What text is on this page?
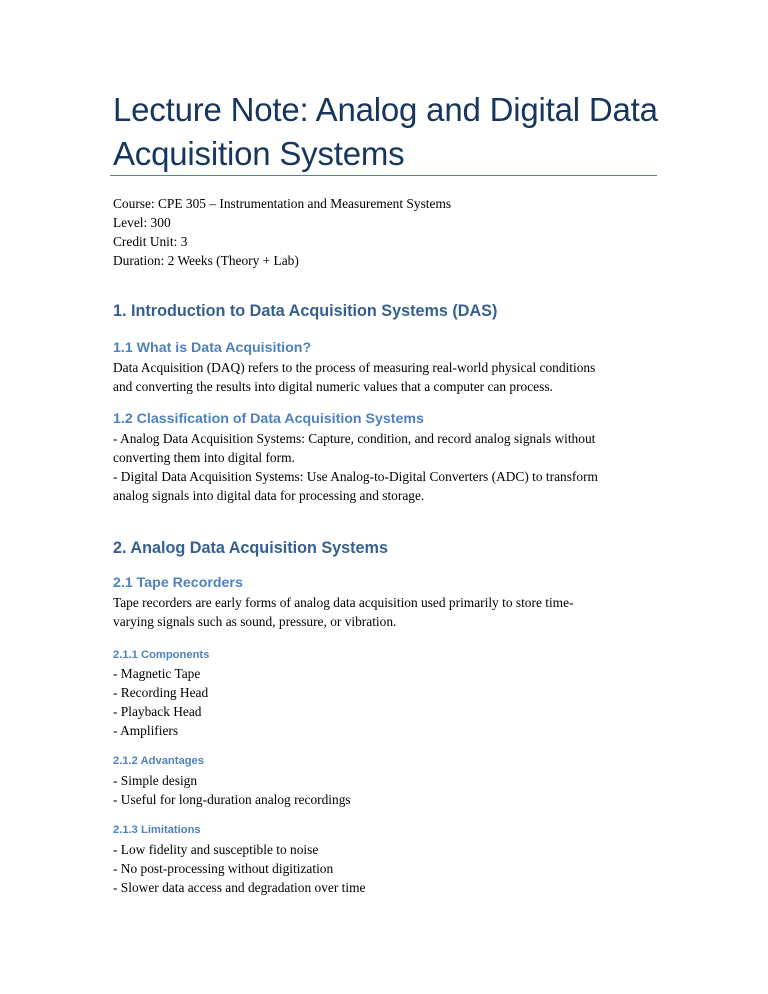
Lecture Note: Analog and Digital Data Acquisition Systems
Course: CPE 305 – Instrumentation and Measurement Systems
Level: 300
Credit Unit: 3
Duration: 2 Weeks (Theory + Lab)
1. Introduction to Data Acquisition Systems (DAS)
1.1 What is Data Acquisition?
Data Acquisition (DAQ) refers to the process of measuring real-world physical conditions
and converting the results into digital numeric values that a computer can process.
1.2 Classification of Data Acquisition Systems
- Analog Data Acquisition Systems: Capture, condition, and record analog signals without
converting them into digital form.
- Digital Data Acquisition Systems: Use Analog-to-Digital Converters (ADC) to transform
analog signals into digital data for processing and storage.
2. Analog Data Acquisition Systems
2.1 Tape Recorders
Tape recorders are early forms of analog data acquisition used primarily to store time-
varying signals such as sound, pressure, or vibration.
2.1.1 Components
- Magnetic Tape
- Recording Head
- Playback Head
- Amplifiers
2.1.2 Advantages
- Simple design
- Useful for long-duration analog recordings
2.1.3 Limitations
- Low fidelity and susceptible to noise
- No post-processing without digitization
- Slower data access and degradation over time
